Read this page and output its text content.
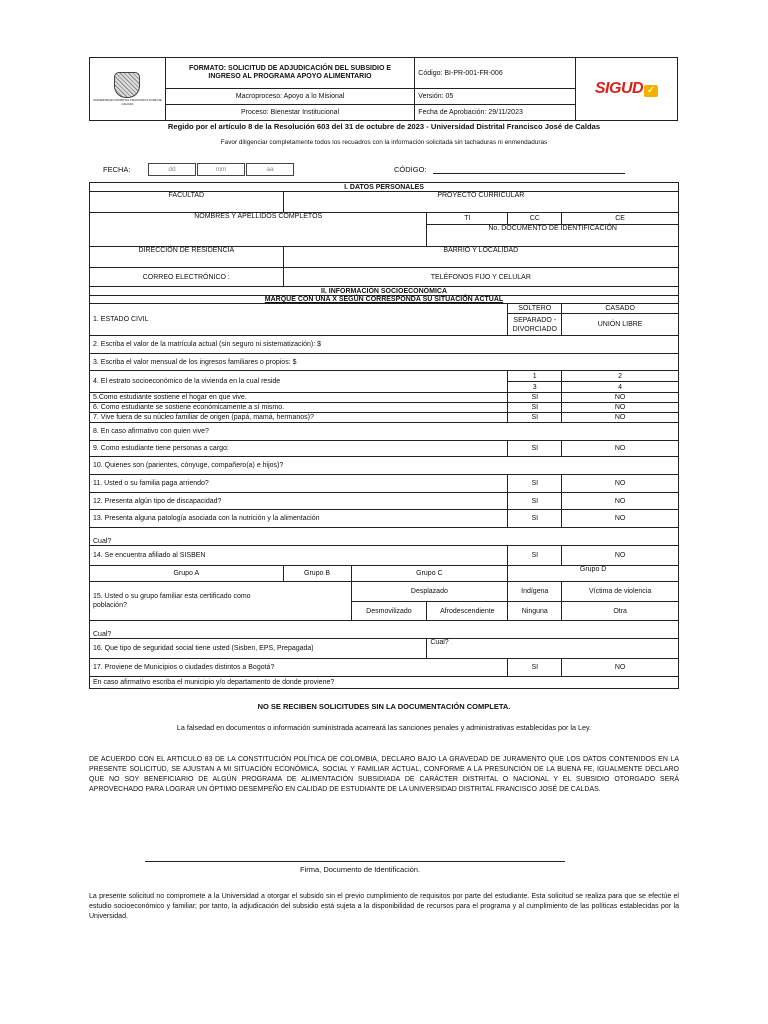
UNIVERSIDAD DISTRITAL FRANCISCO JOSÉ DE CALDAS	FORMATO: SOLICITUD DE ADJUDICACIÓN DEL SUBSIDIO E
INGRESO AL PROGRAMA APOYO ALIMENTARIO	Código: BI-PR-001-FR-006	SIGUD ✓
	Macroproceso: Apoyo a lo Misional	Versión: 05	
	Proceso: Bienestar Institucional	Fecha de Aprobación: 29/11/2023	
Regido por el artículo 8 de la Resolución 603 del 31 de octubre de 2023 - Universidad Distrital Francisco José de Caldas
Favor diligenciar completamente todos los recuadros con la información solicitada sin tachaduras ni enmendaduras
FECHA:	dd	mm	aa	CÓDIGO:
I. DATOS PERSONALES					
FACULTAD	PROYECTO CURRICULAR				
NOMBRES Y APELLIDOS COMPLETOS			TI	CC	CE
			No. DOCUMENTO DE IDENTIFICACIÓN		
DIRECCIÓN DE RESIDENCIA	BARRIO Y LOCALIDAD				
CORREO ELECTRÓNICO :	TELÉFONOS FIJO Y CELULAR				
II. INFORMACIÓN SOCIOECONÓMICA					
MARQUE CON UNA X SEGÚN CORRESPONDA SU SITUACIÓN ACTUAL					
1. ESTADO CIVIL				SOLTERO	CASADO
				SEPARADO -
DIVORCIADO	UNIÓN LIBRE
2. Escriba el valor de la matrícula actual (sin seguro ni sistematización): $					
3. Escriba el valor mensual de los ingresos familiares o propios: $					
4. El estrato socioeconómico de la vivienda en la cual reside				1	2
				3	4
5.Como estudiante sostiene el hogar en que vive.				SI	NO
6. Como estudiante se sostiene económicamente a sí mismo.				SI	NO
7. Vive fuera de su núcleo familiar de origen (papá, mamá, hermanos)?				SI	NO
8. En caso afirmativo con quien vive?					
9. Como estudiante tiene personas a cargo:				SI	NO
10. Quienes son (parientes, cónyuge, compañero(a) e hijos)?					
11. Usted o su familia paga arriendo?				SI	NO
12. Presenta algún tipo de discapacidad?				SI	NO
13. Presenta alguna patología asociada con la nutrición y la alimentación				SI	NO
Cual?					
14. Se encuentra afiliado al SISBEN				SI	NO
Grupo A	Grupo B	Grupo C		Grupo D	
15. Usted o su grupo familiar esta certificado como
población?		Desplazado		Indígena	Víctima de violencia
		Desmovilizado	Afrodescendiente	Ninguna	Otra
Cual?					
16. Que tipo de seguridad social tiene usted (Sisben, EPS, Prepagada)			Cual?		
17. Proviene de Municipios o ciudades distintos a Bogotá?				SI	NO
En caso afirmativo escriba el municipio y/o departamento de donde proviene?					
NO SE RECIBEN SOLICITUDES SIN LA DOCUMENTACIÓN COMPLETA.
La falsedad en documentos o información suministrada acarreará las sanciones penales y administrativas establecidas por la Ley.
DE ACUERDO CON EL ARTICULO 83 DE LA CONSTITUCIÓN POLÍTICA DE COLOMBIA, DECLARO BAJO LA GRAVEDAD DE JURAMENTO QUE LOS DATOS CONTENIDOS EN LA PRESENTE SOLICITUD, SE AJUSTAN A MI SITUACIÓN ECONÓMICA, SOCIAL Y FAMILIAR ACTUAL, CONFORME A LA PRESUNCIÓN DE LA BUENA FE, IGUALMENTE DECLARO QUE NO SOY BENEFICIARIO DE ALGÚN PROGRAMA DE ALIMENTACIÓN SUBSIDIADA DE CARÁCTER DISTRITAL O NACIONAL Y EL SUBSIDIO OTORGADO SERÁ APROVECHADO PARA LOGRAR UN ÓPTIMO DESEMPEÑO EN CALIDAD DE ESTUDIANTE DE LA UNIVERSIDAD DISTRITAL FRANCISCO JOSÉ DE CALDAS.
Firma, Documento de Identificación.
La presente solicitud no compromete a la Universidad a otorgar el subsido sin el previo cumplimiento de requisitos por parte del estudiante. Esta solicitud se realiza para que se efectúe el estudio socioeconómico y familiar; por tanto, la adjudicación del subsidio está sujeta a la disponibilidad de recursos para el programa y al cumplimiento de las políticas establecidas por la Universidad.
